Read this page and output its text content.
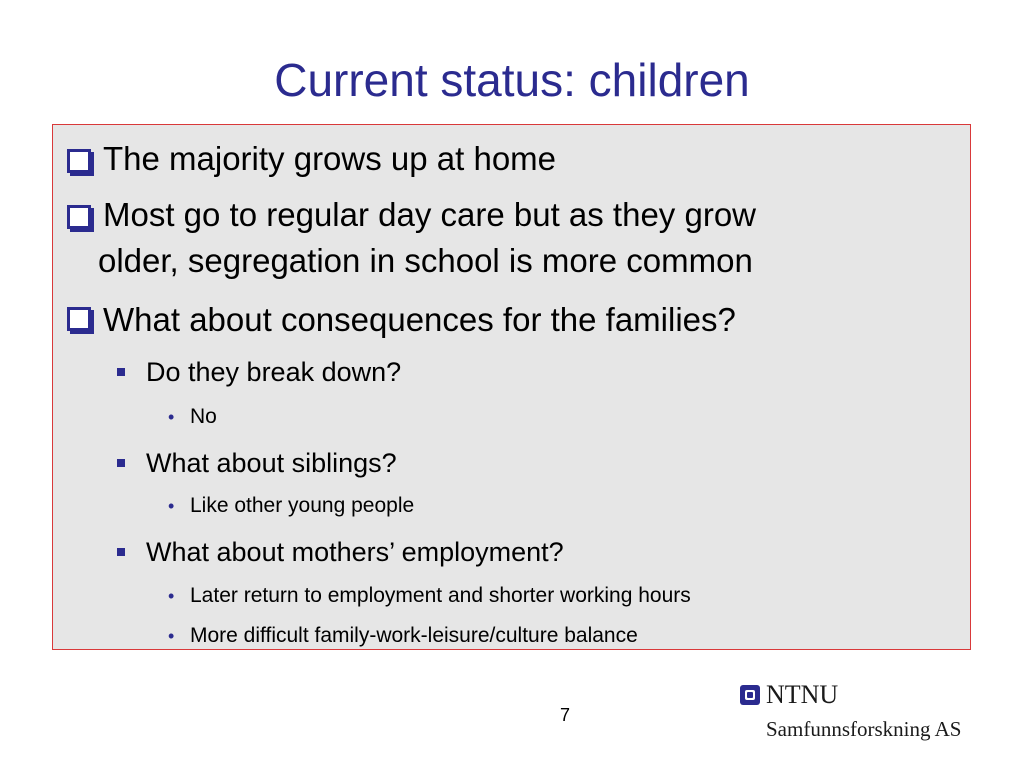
Current status: children
The majority grows up at home
Most go to regular day care but as they grow
older, segregation in school is more common
What about consequences for the families?
Do they break down?
• No
What about siblings?
• Like other young people
What about mothers’ employment?
• Later return to employment and shorter working hours
• More difficult family-work-leisure/culture balance
7
NTNU
Samfunnsforskning AS
